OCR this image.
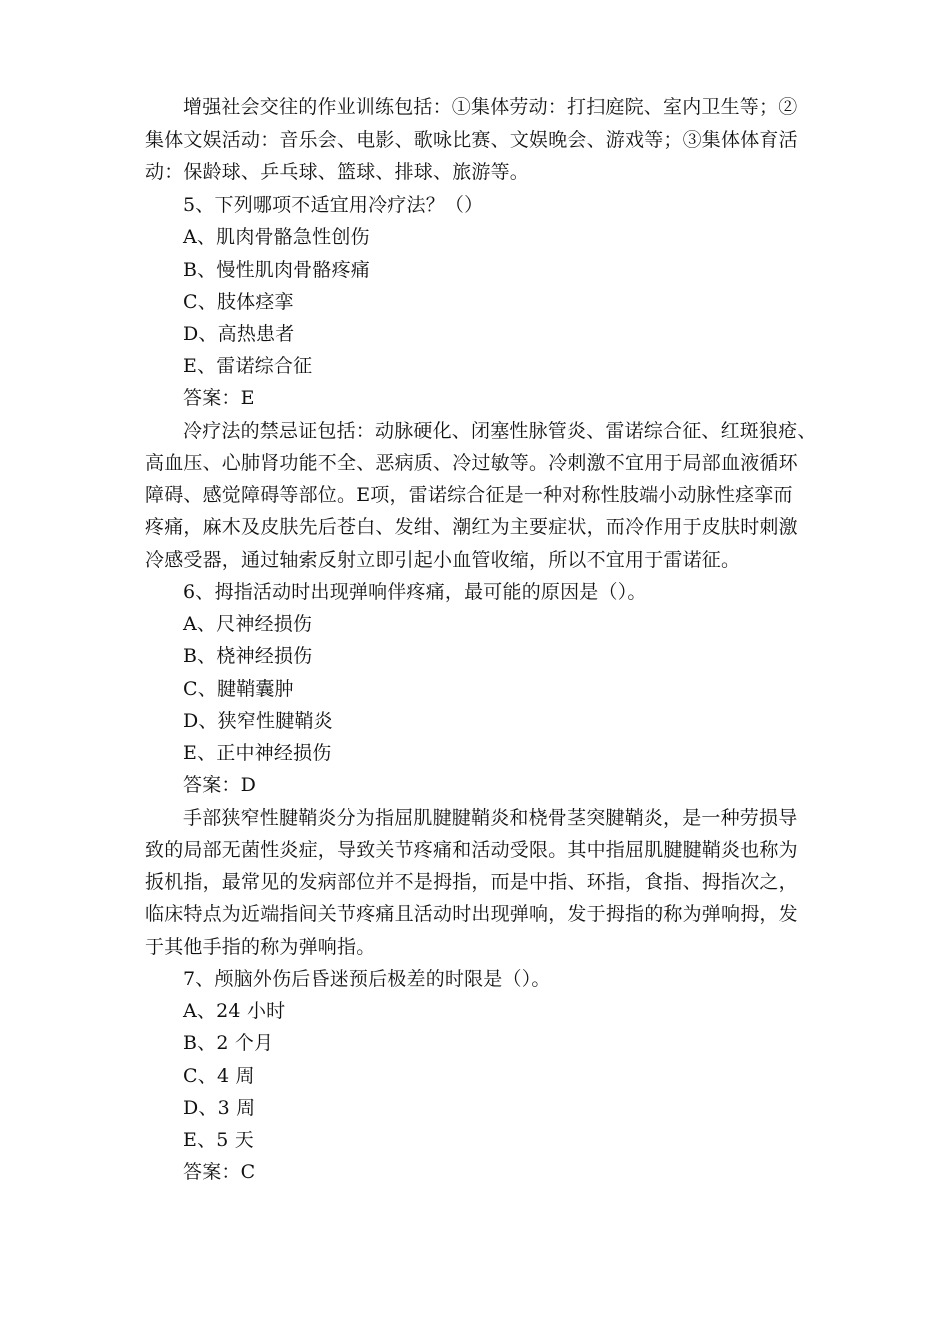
增强社会交往的作业训练包括：①集体劳动：打扫庭院、室内卫生等；②
集体文娱活动：音乐会、电影、歌咏比赛、文娱晚会、游戏等；③集体体育活
动：保龄球、乒乓球、篮球、排球、旅游等。
5、下列哪项不适宜用冷疗法？（）
A、肌肉骨骼急性创伤
B、慢性肌肉骨骼疼痛
C、肢体痉挛
D、高热患者
E、雷诺综合征
答案：E
冷疗法的禁忌证包括：动脉硬化、闭塞性脉管炎、雷诺综合征、红斑狼疮、
高血压、心肺肾功能不全、恶病质、冷过敏等。冷刺激不宜用于局部血液循环
障碍、感觉障碍等部位。E项，雷诺综合征是一种对称性肢端小动脉性痉挛而
疼痛，麻木及皮肤先后苍白、发绀、潮红为主要症状，而冷作用于皮肤时刺激
冷感受器，通过轴索反射立即引起小血管收缩，所以不宜用于雷诺征。
6、拇指活动时出现弹响伴疼痛，最可能的原因是（）。
A、尺神经损伤
B、桡神经损伤
C、腱鞘囊肿
D、狭窄性腱鞘炎
E、正中神经损伤
答案：D
手部狭窄性腱鞘炎分为指屈肌腱腱鞘炎和桡骨茎突腱鞘炎，是一种劳损导
致的局部无菌性炎症，导致关节疼痛和活动受限。其中指屈肌腱腱鞘炎也称为
扳机指，最常见的发病部位并不是拇指，而是中指、环指，食指、拇指次之，
临床特点为近端指间关节疼痛且活动时出现弹响，发于拇指的称为弹响拇，发
于其他手指的称为弹响指。
7、颅脑外伤后昏迷预后极差的时限是（）。
A、24 小时
B、2 个月
C、4 周
D、3 周
E、5 天
答案：C
